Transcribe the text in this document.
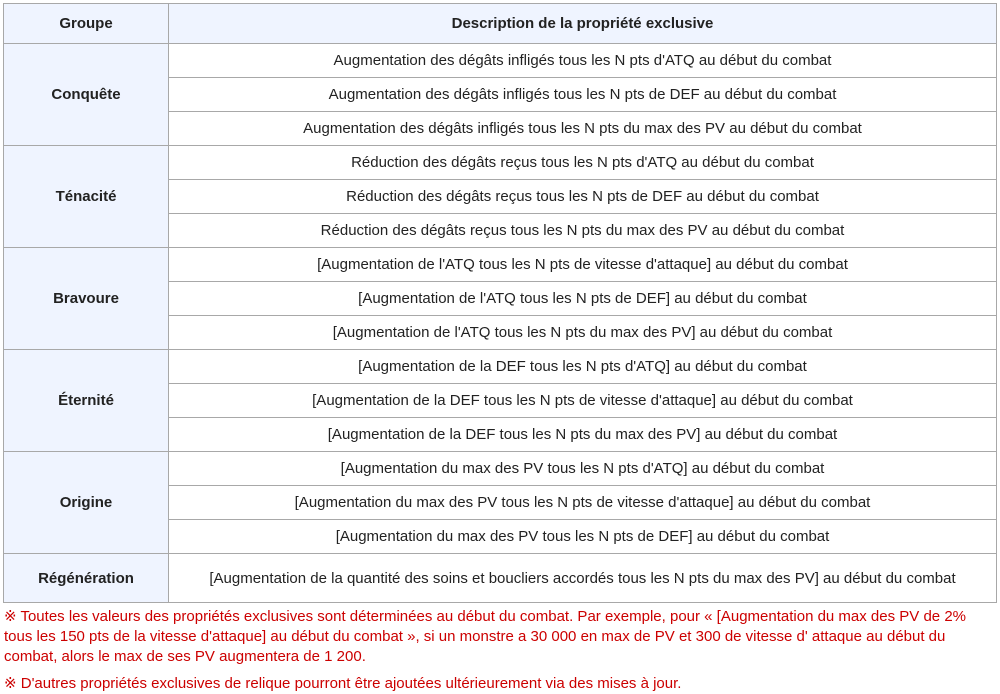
Groupe	Description de la propriété exclusive
Conquête	Augmentation des dégâts infligés tous les N pts d'ATQ au début du combat
	Augmentation des dégâts infligés tous les N pts de DEF au début du combat
	Augmentation des dégâts infligés tous les N pts du max des PV au début du combat
Ténacité	Réduction des dégâts reçus tous les N pts d'ATQ au début du combat
	Réduction des dégâts reçus tous les N pts de DEF au début du combat
	Réduction des dégâts reçus tous les N pts du max des PV au début du combat
Bravoure	[Augmentation de l'ATQ tous les N pts de vitesse d'attaque] au début du combat
	[Augmentation de l'ATQ tous les N pts de DEF] au début du combat
	[Augmentation de l'ATQ tous les N pts du max des PV] au début du combat
Éternité	[Augmentation de la DEF tous les N pts d'ATQ] au début du combat
	[Augmentation de la DEF tous les N pts de vitesse d'attaque] au début du combat
	[Augmentation de la DEF tous les N pts du max des PV] au début du combat
Origine	[Augmentation du max des PV tous les N pts d'ATQ] au début du combat
	[Augmentation du max des PV tous les N pts de vitesse d'attaque] au début du combat
	[Augmentation du max des PV tous les N pts de DEF] au début du combat
Régénération	[Augmentation de la quantité des soins et boucliers accordés tous les N pts du max des PV] au début du combat

※ Toutes les valeurs des propriétés exclusives sont déterminées au début du combat. Par exemple, pour « [Augmentation du max des PV de 2% tous les 150 pts de la vitesse d'attaque] au début du combat », si un monstre a 30 000 en max de PV et 300 de vitesse d' attaque au début du combat, alors le max de ses PV augmentera de 1 200.

※ D'autres propriétés exclusives de relique pourront être ajoutées ultérieurement via des mises à jour.
